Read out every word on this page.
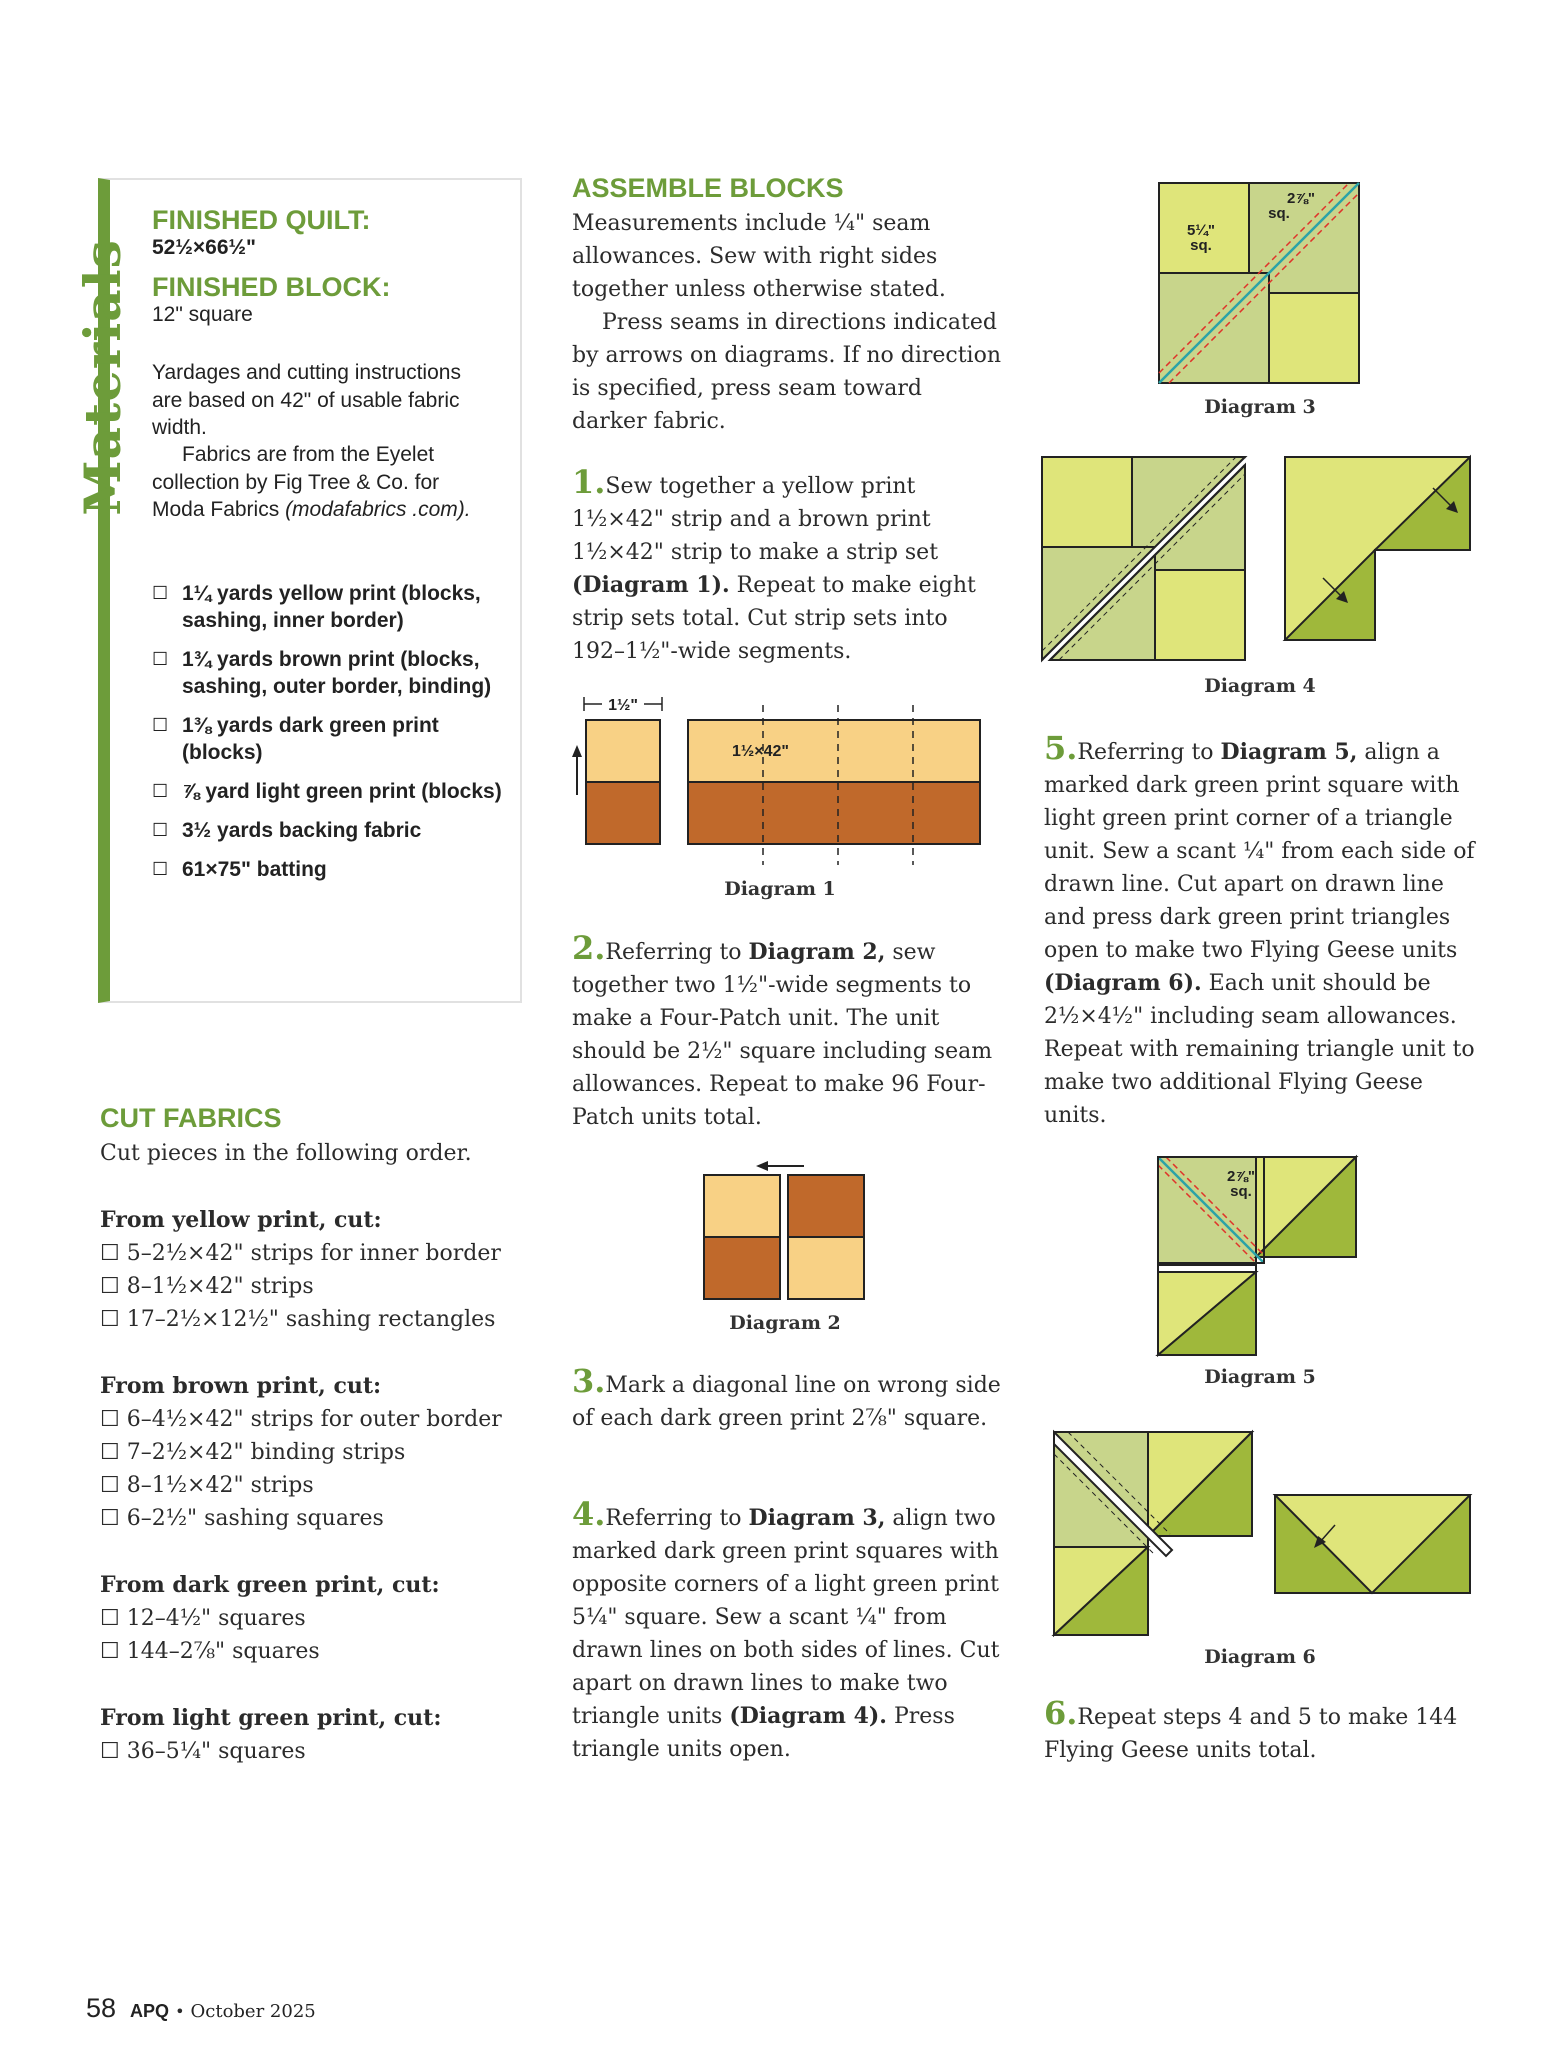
Materials
FINISHED QUILT:
52½×66½"
FINISHED BLOCK:
12" square
Yardages and cutting instructions are based on 42" of usable fabric width.
Fabrics are from the Eyelet collection by Fig Tree & Co. for Moda Fabrics (modafabrics .com).
☐ 1¼ yards yellow print (blocks, sashing, inner border)
☐ 1¾ yards brown print (blocks, sashing, outer border, binding)
☐ 1⅜ yards dark green print (blocks)
☐ ⅞ yard light green print (blocks)
☐ 3½ yards backing fabric
☐ 61×75" batting
CUT FABRICS
Cut pieces in the following order.
From yellow print, cut:
☐ 5–2½×42" strips for inner border
☐ 8–1½×42" strips
☐ 17–2½×12½" sashing rectangles
From brown print, cut:
☐ 6–4½×42" strips for outer border
☐ 7–2½×42" binding strips
☐ 8–1½×42" strips
☐ 6–2½" sashing squares
From dark green print, cut:
☐ 12–4½" squares
☐ 144–2⅞" squares
From light green print, cut:
☐ 36–5¼" squares
ASSEMBLE BLOCKS
Measurements include ¼" seam allowances. Sew with right sides together unless otherwise stated.
Press seams in directions indicated by arrows on diagrams. If no direction is specified, press seam toward darker fabric.
1.Sew together a yellow print 1½×42" strip and a brown print 1½×42" strip to make a strip set (Diagram 1). Repeat to make eight strip sets total. Cut strip sets into 192–1½"-wide segments.
1½"
1½×42"
Diagram 1
2.Referring to Diagram 2, sew together two 1½"-wide segments to make a Four-Patch unit. The unit should be 2½" square including seam allowances. Repeat to make 96 Four-Patch units total.
Diagram 2
3.Mark a diagonal line on wrong side of each dark green print 2⅞" square.
4.Referring to Diagram 3, align two marked dark green print squares with opposite corners of a light green print 5¼" square. Sew a scant ¼" from drawn lines on both sides of lines. Cut apart on drawn lines to make two triangle units (Diagram 4). Press triangle units open.
2⅞"
sq.
5¼"
sq.
Diagram 3
Diagram 4
5.Referring to Diagram 5, align a marked dark green print square with light green print corner of a triangle unit. Sew a scant ¼" from each side of drawn line. Cut apart on drawn line and press dark green print triangles open to make two Flying Geese units (Diagram 6). Each unit should be 2½×4½" including seam allowances. Repeat with remaining triangle unit to make two additional Flying Geese units.
2⅞"
sq.
Diagram 5
Diagram 6
6.Repeat steps 4 and 5 to make 144 Flying Geese units total.
58 APQ • October 2025
